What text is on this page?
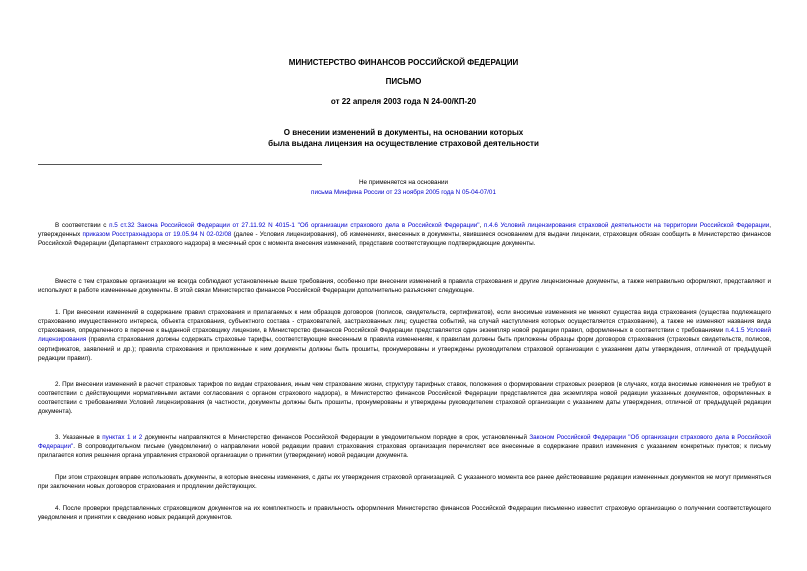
МИНИСТЕРСТВО ФИНАНСОВ РОССИЙСКОЙ ФЕДЕРАЦИИ
ПИСЬМО
от 22 апреля 2003 года N 24-00/КП-20
О внесении изменений в документы, на основании которых
была выдана лицензия на осуществление страховой деятельности
Не применяется на основании
письма Минфина России от 23 ноября 2005 года N 05-04-07/01

В соответствии с п.5 ст.32 Закона Российской Федерации от 27.11.92 N 4015-1 "Об организации страхового дела в Российской Федерации", п.4.6 Условий лицензирования страховой деятельности на территории Российской Федерации, утвержденных приказом Росстрахнадзора от 19.05.94 N 02-02/08 (далее - Условия лицензирования), об изменениях, внесенных в документы, явившиеся основанием для выдачи лицензии, страховщик обязан сообщить в Министерство финансов Российской Федерации (Департамент страхового надзора) в месячный срок с момента внесения изменений, представив соответствующие подтверждающие документы.

Вместе с тем страховые организации не всегда соблюдают установленные выше требования, особенно при внесении изменений в правила страхования и другие лицензионные документы, а также неправильно оформляют, представляют и используют в работе измененные документы. В этой связи Министерство финансов Российской Федерации дополнительно разъясняет следующее.

1. При внесении изменений в содержание правил страхования и прилагаемых к ним образцов договоров (полисов, свидетельств, сертификатов), если вносимые изменения не меняют существа вида страхования (существа подлежащего страхованию имущественного интереса, объекта страхования, субъектного состава - страхователей, застрахованных лиц; существа событий, на случай наступления которых осуществляется страхование), а также не изменяют названия вида страхования, определенного в перечне к выданной страховщику лицензии, в Министерство финансов Российской Федерации представляется один экземпляр новой редакции правил, оформленных в соответствии с требованиями п.4.1.5 Условий лицензирования (правила страхования должны содержать страховые тарифы, соответствующие внесенным в правила изменениям, к правилам должны быть приложены образцы форм договоров страхования (страховых свидетельств, полисов, сертификатов, заявлений и др.); правила страхования и приложенные к ним документы должны быть прошиты, пронумерованы и утверждены руководителем страховой организации с указанием даты утверждения, отличной от предыдущей редакции правил).

2. При внесении изменений в расчет страховых тарифов по видам страхования, иным чем страхование жизни, структуру тарифных ставок, положения о формировании страховых резервов (в случаях, когда вносимые изменения не требуют в соответствии с действующими нормативными актами согласования с органом страхового надзора), в Министерство финансов Российской Федерации представляется два экземпляра новой редакции указанных документов, оформленных в соответствии с требованиями Условий лицензирования (в частности, документы должны быть прошиты, пронумерованы и утверждены руководителем страховой организации с указанием даты утверждения, отличной от предыдущей редакции документа).

3. Указанные в пунктах 1 и 2 документы направляются в Министерство финансов Российской Федерации в уведомительном порядке в срок, установленный Законом Российской Федерации "Об организации страхового дела в Российской Федерации". В сопроводительном письме (уведомлении) о направлении новой редакции правил страхования страховая организация перечисляет все внесенные в содержание правил изменения с указанием конкретных пунктов; к письму прилагается копия решения органа управления страховой организации о принятии (утверждении) новой редакции документа.

При этом страховщик вправе использовать документы, в которые внесены изменения, с даты их утверждения страховой организацией. С указанного момента все ранее действовавшие редакции измененных документов не могут применяться при заключении новых договоров страхования и продлении действующих.

4. После проверки представленных страховщиком документов на их комплектность и правильность оформления Министерство финансов Российской Федерации письменно известит страховую организацию о получении соответствующего уведомления и принятии к сведению новых редакций документов.
